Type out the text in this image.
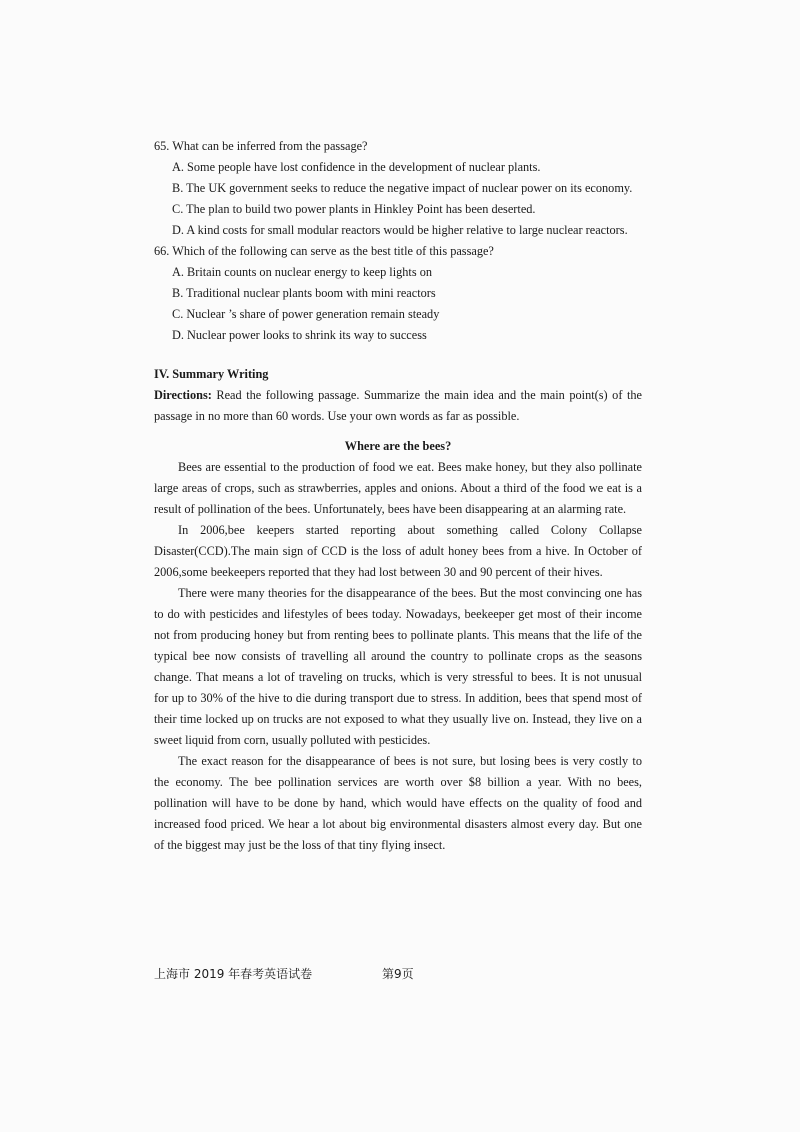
65. What can be inferred from the passage?
A. Some people have lost confidence in the development of nuclear plants.
B. The UK government seeks to reduce the negative impact of nuclear power on its economy.
C. The plan to build two power plants in Hinkley Point has been deserted.
D. A kind costs for small modular reactors would be higher relative to large nuclear reactors.
66. Which of the following can serve as the best title of this passage?
A. Britain counts on nuclear energy to keep lights on
B. Traditional nuclear plants boom with mini reactors
C. Nuclear ’s share of power generation remain steady
D. Nuclear power looks to shrink its way to success
IV. Summary Writing
Directions: Read the following passage. Summarize the main idea and the main point(s) of the
passage in no more than 60 words. Use your own words as far as possible.
Where are the bees?
Bees are essential to the production of food we eat. Bees make honey, but they also pollinate
large areas of crops, such as strawberries, apples and onions. About a third of the food we eat is a
result of pollination of the bees. Unfortunately, bees have been disappearing at an alarming rate.
In 2006,bee keepers started reporting about something called Colony Collapse
Disaster(CCD).The main sign of CCD is the loss of adult honey bees from a hive. In October of
2006,some beekeepers reported that they had lost between 30 and 90 percent of their hives.
There were many theories for the disappearance of the bees. But the most convincing one has
to do with pesticides and lifestyles of bees today. Nowadays, beekeeper get most of their income
not from producing honey but from renting bees to pollinate plants. This means that the life of the
typical bee now consists of travelling all around the country to pollinate crops as the seasons
change. That means a lot of traveling on trucks, which is very stressful to bees. It is not unusual
for up to 30% of the hive to die during transport due to stress. In addition, bees that spend most of
their time locked up on trucks are not exposed to what they usually live on. Instead, they live on a
sweet liquid from corn, usually polluted with pesticides.
The exact reason for the disappearance of bees is not sure, but losing bees is very costly to
the economy. The bee pollination services are worth over $8 billion a year. With no bees,
pollination will have to be done by hand, which would have effects on the quality of food and
increased food priced. We hear a lot about big environmental disasters almost every day. But one
of the biggest may just be the loss of that tiny flying insect.
上海市 2019 年春考英语试卷	第9页
